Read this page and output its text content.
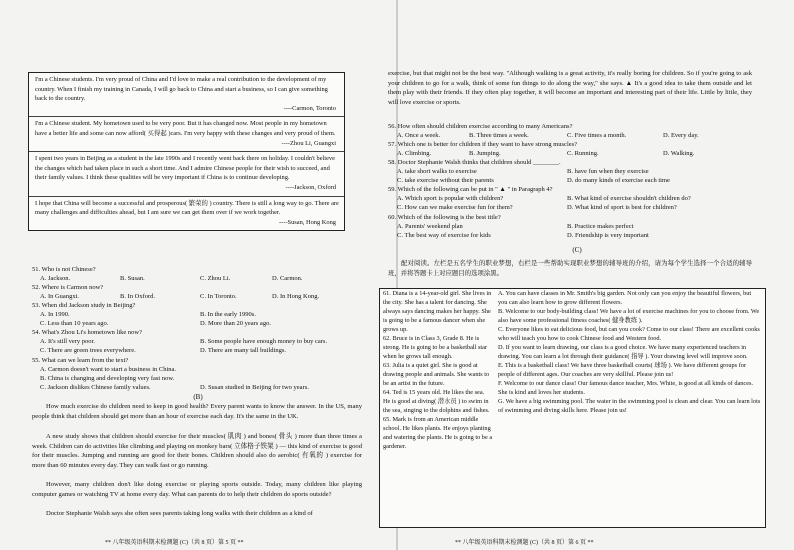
I'm a Chinese students. I'm very proud of China and I'd love to make a real contribution to the development of my country. When I finish my training in Canada, I will go back to China and start a business, so I can give something back to the country.
----Carmon, Toronto
I'm a Chinese student. My hometown used to be very poor. But it has changed now. Most people in my hometown have a better life and some can now afford( 买得起 )cars. I'm very happy with these changes and very proud of them.
----Zhou Li, Guangxi
I spent two years in Beijing as a student in the late 1990s and I recently went back there on holiday. I couldn't believe the changes which had taken place in such a short time. And I admire Chinese people for their wish to succeed, and their family values. I think these qualities will be very important if China is to continue developing.
----Jackson, Oxford
I hope that China will become a successful and prosperous( 繁荣的 ) country. There is still a long way to go. There are many challenges and difficulties ahead, but I am sure we can get them over if we work together.
----Susan, Hong Kong
51. Who is not Chinese?
A. Jackson.	B. Susan.	C. Zhou Li.	D. Carmon.
52. Where is Carmon now?
A. In Guangxi.	B. In Oxford.	C. In Toronto.	D. In Hong Kong.
53. When did Jackson study in Beijing?
A. In 1990.	B. In the early 1990s.
C. Less than 10 years ago.	D. More than 20 years ago.
54. What's Zhou Li's hometown like now?
A. It's still very poor.	B. Some people have enough money to buy cars.
C. There are green trees everywhere.	D. There are many tall buildings.
55. What can we learn from the text?
A. Carmon doesn't want to start a business in China.
B. China is changing and developing very fast now.
C. Jackson dislikes Chinese family values.	D. Susan studied in Beijing for two years.
(B)
How much exercise do children need to keep in good health? Every parent wants to know the answer. In the US, many people think that children should get more than an hour of exercise each day. It's the same in the UK.
A new study shows that children should exercise for their muscles( 肌肉 ) and bones( 骨头 ) more than three times a week. Children can do activities like climbing and playing on monkey bars( 立体格子铁架 ) — this kind of exercise is good for their muscles. Jumping and running are good for their bones. Children should also do aerobic( 有氧的 ) exercise for more than 60 minutes every day. They can walk fast or go running.
However, many children don't like doing exercise or playing sports outside. Today, many children like playing computer games or watching TV at home every day. What can parents do to help their children do sports outside?
Doctor Stephanie Walsh says she often sees parents taking long walks with their children as a kind of
** 八年级英语科期末检测题 (C)（共 8 页）第 5 页 **
exercise, but that might not be the best way. "Although walking is a great activity, it's really boring for children. So if you're going to ask your children to go for a walk, think of some fun things to do along the way," she says. ▲ It's a good idea to take them outside and let them play with their friends. If they often play together, it will become an important and interesting part of their life. Little by little, they will love exercise or sports.
56. How often should children exercise according to many Americans?
A. Once a week.	B. Three times a week.	C. Five times a month.	D. Every day.
57. Which one is better for children if they want to have strong muscles?
A. Climbing.	B. Jumping.	C. Running.	D. Walking.
58. Doctor Stephanie Walsh thinks that children should ________.
A. take short walks to exercise	B. have fun when they exercise
C. take exercise without their parents	D. do many kinds of exercise each time
59. Which of the following can be put in " ▲ " in Paragraph 4?
A. Which sport is popular with children?	B. What kind of exercise shouldn't children do?
C. How can we make exercise fun for them?	D. What kind of sport is best for children?
60. Which of the following is the best title?
A. Parents' weekend plan	B. Practice makes perfect
C. The best way of exercise for kids	D. Friendship is very important
(C)
配对阅读。左栏是五名学生的职业梦想，右栏是一些帮助实现职业梦想的辅导班的介绍，请为每个学生选择一个合适的辅导班，并将答题卡上对应题目的选项涂黑。
61. Diana is a 14-year-old girl. She lives in the city. She has a talent for dancing. She always says dancing makes her happy. She is going to be a famous dancer when she grows up.
62. Bruce is in Class 3, Grade 8. He is strong. He is going to be a basketball star when he grows tall enough.
63. Julia is a quiet girl. She is good at drawing people and animals. She wants to be an artist in the future.
64. Ted is 15 years old. He likes the sea. He is good at diving( 潜水员 ) to swim in the sea, singing to the dolphins and fishes.
65. Mark is from an American middle school. He likes plants. He enjoys planting and watering the plants. He is going to be a gardener.
A. You can have classes in Mr. Smith's big garden. Not only can you enjoy the beautiful flowers, but you can also learn how to grow different flowers.
B. Welcome to our body-building class! We have a lot of exercise machines for you to choose from. We also have some professional fitness coaches( 健身教练 ).
C. Everyone likes to eat delicious food, but can you cook? Come to our class! There are excellent cooks who will teach you how to cook Chinese food and Western food.
D. If you want to learn drawing, our class is a good choice. We have many experienced teachers in drawing. You can learn a lot through their guidance( 指导 ). Your drawing level will improve soon.
E. This is a basketball class! We have three basketball courts( 球场 ). We have different groups for people of different ages. Our coaches are very skillful. Please join us!
F. Welcome to our dance class! Our famous dance teacher, Mrs. White, is good at all kinds of dances. She is kind and loves her students.
G. We have a big swimming pool. The water in the swimming pool is clean and clear. You can learn lots of swimming and diving skills here. Please join us!
** 八年级英语科期末检测题 (C)（共 8 页）第 6 页 **
